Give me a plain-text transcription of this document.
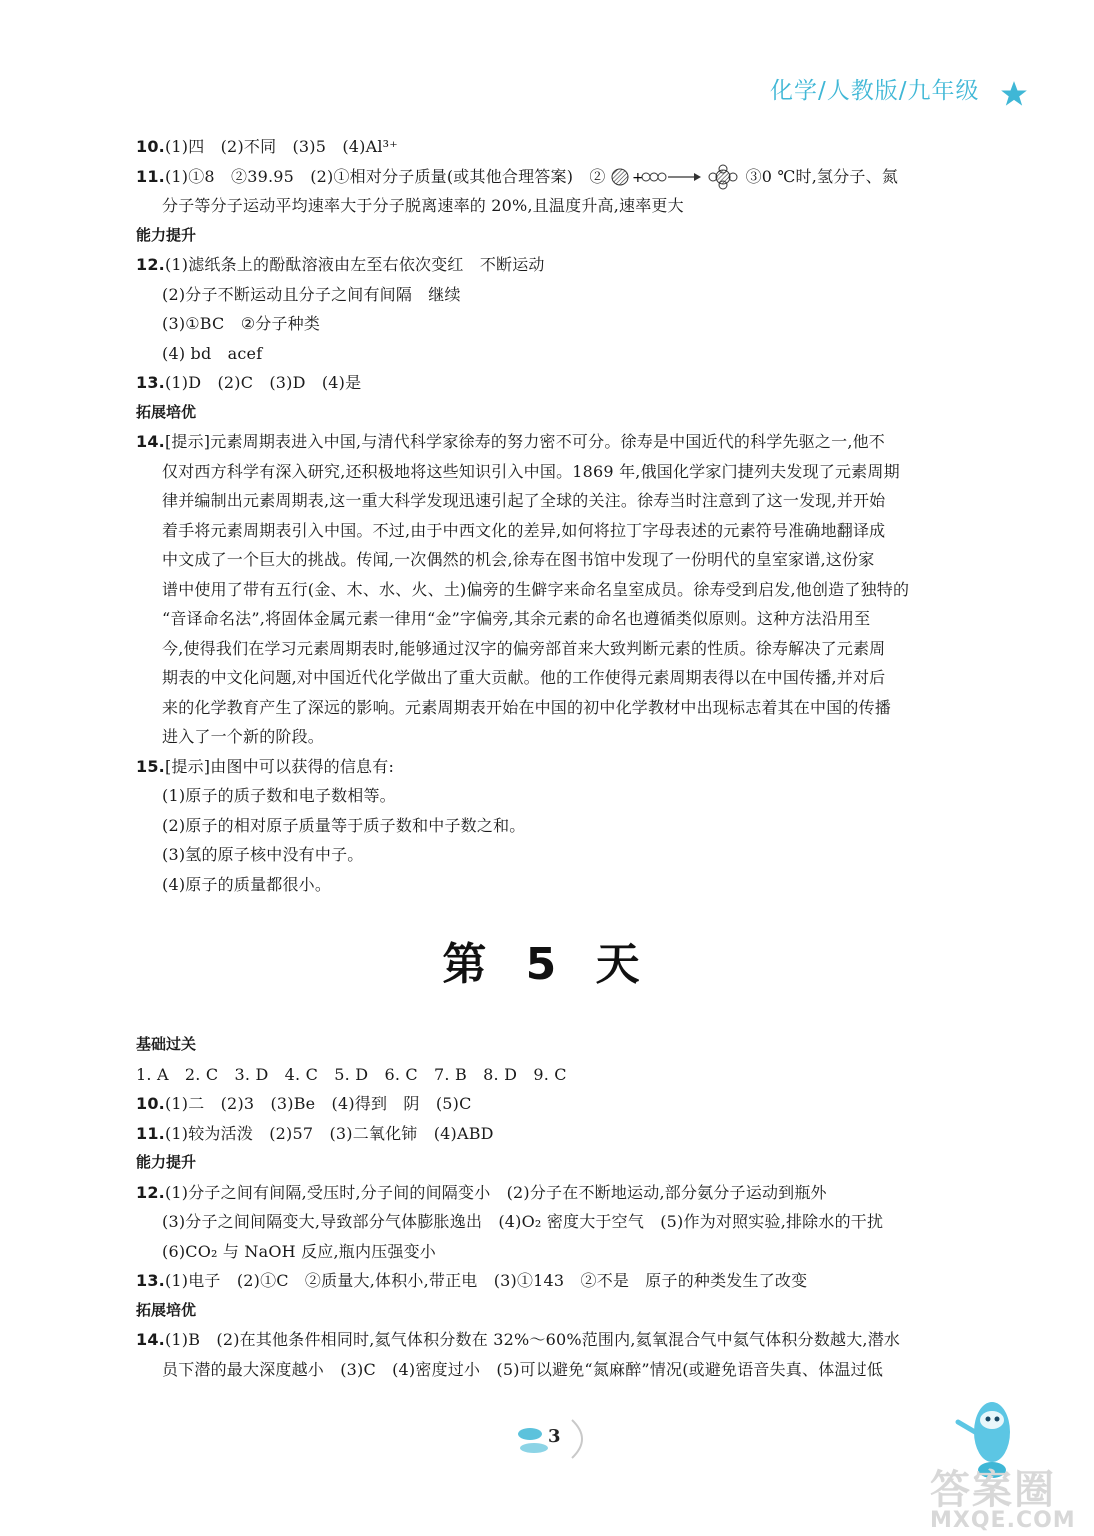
化学/人教版/九年级
10.(1)四　(2)不同　(3)5　(4)Al³⁺
11.(1)①8　②39.95　(2)①相对分子质量(或其他合理答案)　② +	③0 ℃时,氢分子、氮
分子等分子运动平均速率大于分子脱离速率的 20%,且温度升高,速率更大
能力提升
12.(1)滤纸条上的酚酞溶液由左至右依次变红　不断运动
(2)分子不断运动且分子之间有间隔　继续
(3)①BC　②分子种类
(4) bd　acef
13.(1)D　(2)C　(3)D　(4)是
拓展培优
14.[提示]元素周期表进入中国,与清代科学家徐寿的努力密不可分。徐寿是中国近代的科学先驱之一,他不
仅对西方科学有深入研究,还积极地将这些知识引入中国。1869 年,俄国化学家门捷列夫发现了元素周期
律并编制出元素周期表,这一重大科学发现迅速引起了全球的关注。徐寿当时注意到了这一发现,并开始
着手将元素周期表引入中国。不过,由于中西文化的差异,如何将拉丁字母表述的元素符号准确地翻译成
中文成了一个巨大的挑战。传闻,一次偶然的机会,徐寿在图书馆中发现了一份明代的皇室家谱,这份家
谱中使用了带有五行(金、木、水、火、土)偏旁的生僻字来命名皇室成员。徐寿受到启发,他创造了独特的
“音译命名法”,将固体金属元素一律用“金”字偏旁,其余元素的命名也遵循类似原则。这种方法沿用至
今,使得我们在学习元素周期表时,能够通过汉字的偏旁部首来大致判断元素的性质。徐寿解决了元素周
期表的中文化问题,对中国近代化学做出了重大贡献。他的工作使得元素周期表得以在中国传播,并对后
来的化学教育产生了深远的影响。元素周期表开始在中国的初中化学教材中出现标志着其在中国的传播
进入了一个新的阶段。
15.[提示]由图中可以获得的信息有:
(1)原子的质子数和电子数相等。
(2)原子的相对原子质量等于质子数和中子数之和。
(3)氢的原子核中没有中子。
(4)原子的质量都很小。
第 5 天
基础过关
1. A　2. C　3. D　4. C　5. D　6. C　7. B　8. D　9. C
10.(1)二　(2)3　(3)Be　(4)得到　阴　(5)C
11.(1)较为活泼　(2)57　(3)二氧化铈　(4)ABD
能力提升
12.(1)分子之间有间隔,受压时,分子间的间隔变小　(2)分子在不断地运动,部分氨分子运动到瓶外
(3)分子之间间隔变大,导致部分气体膨胀逸出　(4)O₂ 密度大于空气　(5)作为对照实验,排除水的干扰
(6)CO₂ 与 NaOH 反应,瓶内压强变小
13.(1)电子　(2)①C　②质量大,体积小,带正电　(3)①143　②不是　原子的种类发生了改变
拓展培优
14.(1)B　(2)在其他条件相同时,氦气体积分数在 32%～60%范围内,氦氧混合气中氦气体积分数越大,潜水
员下潜的最大深度越小　(3)C　(4)密度过小　(5)可以避免“氮麻醉”情况(或避免语音失真、体温过低
3
答案圈
MXQE.COM
